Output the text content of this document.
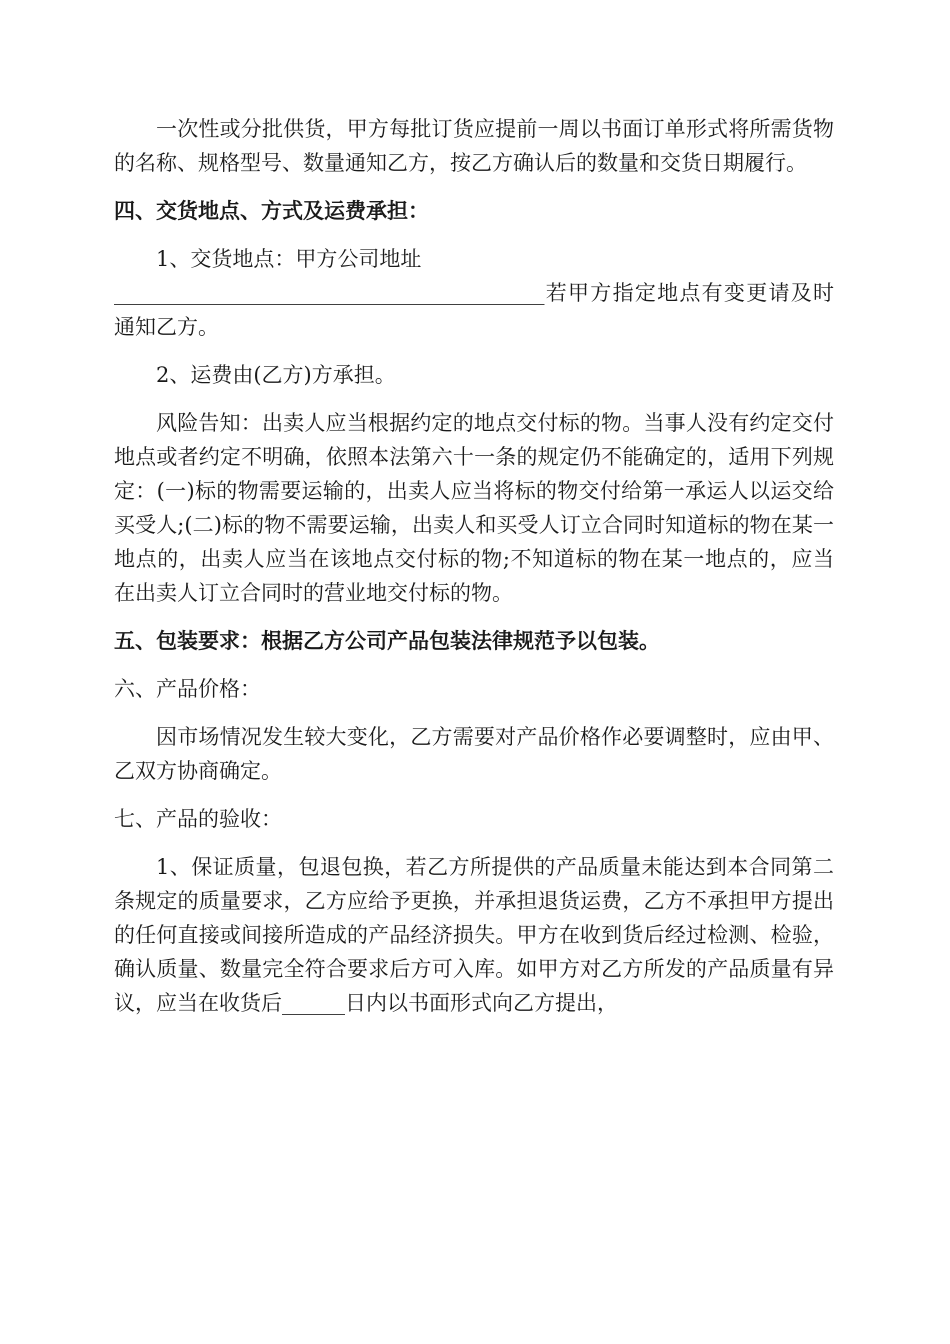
一次性或分批供货，甲方每批订货应提前一周以书面订单形式将所需货物的名称、规格型号、数量通知乙方，按乙方确认后的数量和交货日期履行。

四、交货地点、方式及运费承担：

1、交货地点：甲方公司地址

_________________________________________若甲方指定地点有变更请及时通知乙方。

2、运费由(乙方)方承担。

风险告知：出卖人应当根据约定的地点交付标的物。当事人没有约定交付地点或者约定不明确，依照本法第六十一条的规定仍不能确定的，适用下列规定：(一)标的物需要运输的，出卖人应当将标的物交付给第一承运人以运交给买受人;(二)标的物不需要运输，出卖人和买受人订立合同时知道标的物在某一地点的，出卖人应当在该地点交付标的物;不知道标的物在某一地点的，应当在出卖人订立合同时的营业地交付标的物。

五、包装要求：根据乙方公司产品包装法律规范予以包装。

六、产品价格：

因市场情况发生较大变化，乙方需要对产品价格作必要调整时，应由甲、乙双方协商确定。

七、产品的验收：

1、保证质量，包退包换，若乙方所提供的产品质量未能达到本合同第二条规定的质量要求，乙方应给予更换，并承担退货运费，乙方不承担甲方提出的任何直接或间接所造成的产品经济损失。甲方在收到货后经过检测、检验，确认质量、数量完全符合要求后方可入库。如甲方对乙方所发的产品质量有异议，应当在收货后______日内以书面形式向乙方提出，
